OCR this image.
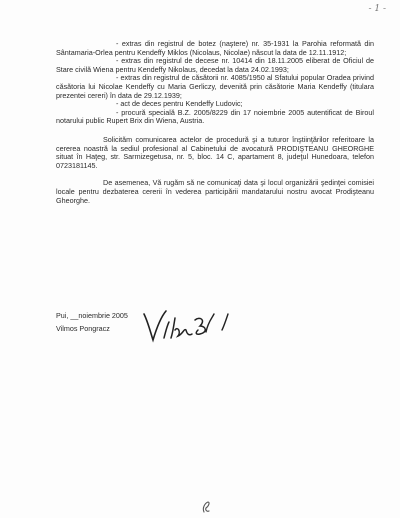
- 1 -

- extras din registrul de botez (naştere) nr. 35-1931 la Parohia reformată din Sântamaria-Orlea pentru Kendeffy Miklos (Nicolaus, Nicolae) născut la data de 12.11.1912;

- extras din registrul de decese nr. 10414 din 18.11.2005 eliberat de Oficiul de Stare civilă Wiena pentru Kendeffy Nikolaus, decedat la data 24.02.1993;

- extras din registrul de căsătorii nr. 4085/1950 al Sfatului popular Oradea privind căsătoria lui Nicolae Kendeffy cu Maria Gerliczy, devenită prin căsătorie Maria Kendeffy (titulara prezentei cereri) în data de 29.12.1939;

- act de deces pentru Kendeffy Ludovic;

- procură specială B.Z. 2005/8229 din 17 noiembrie 2005 autentificat de Biroul notarului public Rupert Brix din Wiena, Austria.

Solicităm comunicarea actelor de procedură şi a tuturor înştiinţărilor referitoare la cererea noastră la sediul profesional al Cabinetului de avocatură PRODIŞTEANU GHEORGHE situat în Haţeg, str. Sarmizegetusa, nr. 5, bloc. 14 C, apartament 8, judeţul Hunedoara, telefon 0723181145.

De asemenea, Vă rugăm să ne comunicaţi data şi locul organizării şedinţei comisiei locale pentru dezbaterea cererii în vederea participării mandatarului nostru avocat Prodişteanu Gheorghe.

Pui, __noiembrie 2005
Vilmos Pongracz
